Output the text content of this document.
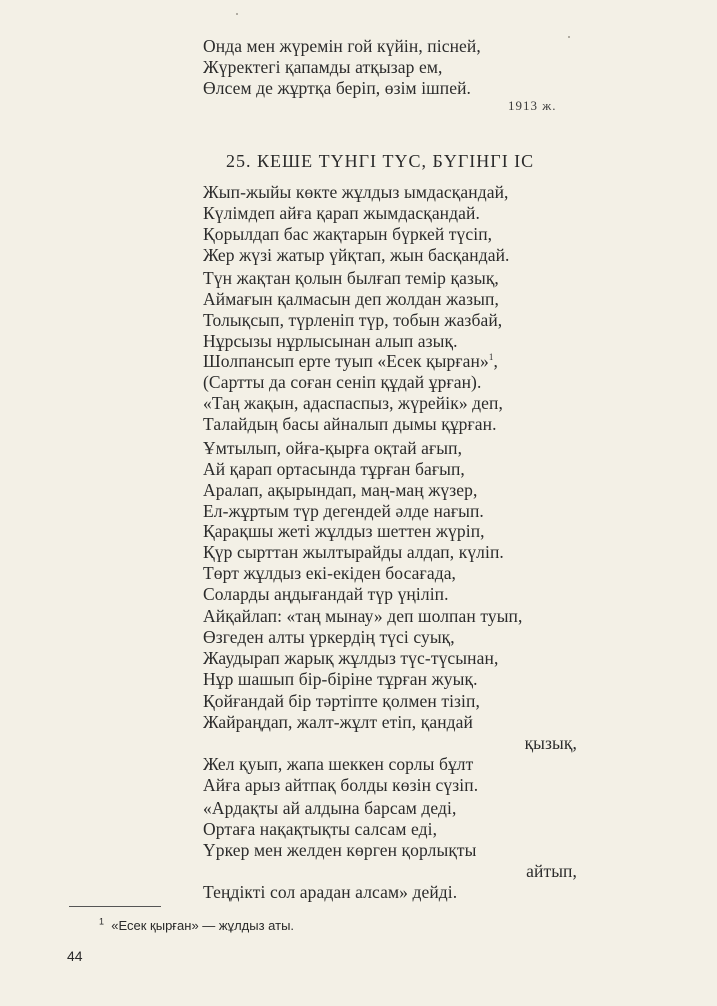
Онда мен жүремін гой күйін, пісней,
Жүректегі қапамды атқызар ем,
Өлсем де жұртқа беріп, өзім ішпей.
1913 ж.
25. КЕШЕ ТҮНГІ ТҮС, БҮГІНГІ ІС
Жып-жыйы көкте жұлдыз ымдасқандай,
Күлімдеп айға қарап жымдасқандай.
Қорылдап бас жақтарын бүркей түсіп,
Жер жүзі жатыр үйқтап, жын басқандай.
Түн жақтан қолын былғап темір қазық,
Аймағын қалмасын деп жолдан жазып,
Толықсып, түрленіп түр, тобын жазбай,
Нұрсызы нұрлысынан алып азық.
Шолпансып ерте туып «Есек қырған»$^1$,
(Сартты да соған сеніп құдай ұрған).
«Таң жақын, адаспаспыз, жүрейік» деп,
Талайдың басы айналып дымы құрған.
Ұмтылып, ойға-қырға оқтай ағып,
Ай қарап ортасында тұрған бағып,
Аралап, ақырындап, маң-маң жүзер,
Ел-жұртым түр дегендей әлде нағып.
Қарақшы жеті жұлдыз шеттен жүріп,
Қүр сырттан жылтырайды алдап, күліп.
Төрт жұлдыз екі-екіден босағада,
Соларды аңдығандай түр үңіліп.
Айқайлап: «таң мынау» деп шолпан туып,
Өзгеден алты үркердің түсі суық,
Жаудырап жарық жұлдыз түс-түсынан,
Нұр шашып бір-біріне тұрған жуық.
Қойғандай бір тәртіпте қолмен тізіп,
Жайраңдап, жалт-жұлт етіп, қандай
қызық,
Жел қуып, жапа шеккен сорлы бұлт
Айға арыз айтпақ болды көзін сүзіп.
«Ардақты ай алдына барсам деді,
Ортаға нақақтықты салсам еді,
Үркер мен желден көрген қорлықты
айтып,
Теңдікті сол арадан алсам» дейді.
$^1$ «Есек қырған» — жұлдыз аты.
44
